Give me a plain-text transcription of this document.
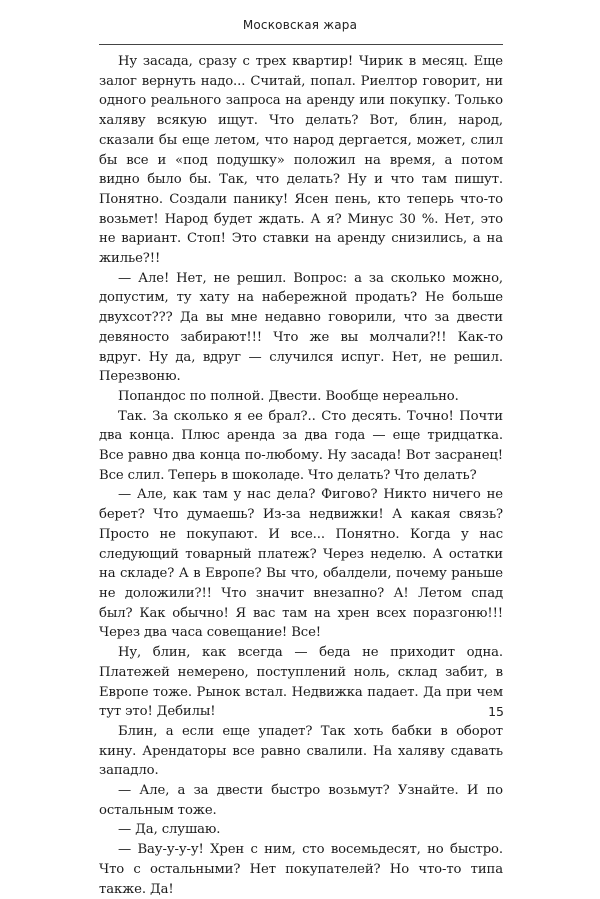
Московская жара

Ну засада, сразу с трех квартир! Чирик в месяц. Еще залог вернуть надо... Считай, попал. Риелтор говорит, ни одного реального запроса на аренду или покупку. Только халяву всякую ищут. Что делать? Вот, блин, народ, сказали бы еще летом, что народ дергается, может, слил бы все и «под подушку» положил на время, а потом видно было бы. Так, что делать? Ну и что там пишут. Понятно. Создали панику! Ясен пень, кто теперь что-то возьмет! Народ будет ждать. А я? Минус 30 %. Нет, это не вариант. Стоп! Это ставки на аренду снизились, а на жилье?!!

— Але! Нет, не решил. Вопрос: а за сколько можно, допустим, ту хату на набережной продать? Не больше двухсот??? Да вы мне недавно говорили, что за двести девяносто забирают!!! Что же вы молчали?!! Как-то вдруг. Ну да, вдруг — случился испуг. Нет, не решил. Перезвоню.

Попандос по полной. Двести. Вообще нереально.

Так. За сколько я ее брал?.. Сто десять. Точно! Почти два конца. Плюс аренда за два года — еще тридцатка. Все равно два конца по-любому. Ну засада! Вот засранец! Все слил. Теперь в шоколаде. Что делать? Что делать?

— Але, как там у нас дела? Фигово? Никто ничего не берет? Что думаешь? Из-за недвижки! А какая связь? Просто не покупают. И все... Понятно. Когда у нас следующий товарный платеж? Через неделю. А остатки на складе? А в Европе? Вы что, обалдели, почему раньше не доложили?!! Что значит внезапно? А! Летом спад был? Как обычно! Я вас там на хрен всех поразгоню!!! Через два часа совещание! Все!

Ну, блин, как всегда — беда не приходит одна. Платежей немерено, поступлений ноль, склад забит, в Европе тоже. Рынок встал. Недвижка падает. Да при чем тут это! Дебилы!

Блин, а если еще упадет? Так хоть бабки в оборот кину. Арендаторы все равно свалили. На халяву сдавать западло.

— Але, а за двести быстро возьмут? Узнайте. И по остальным тоже.

— Да, слушаю.

— Вау-у-у-у! Хрен с ним, сто восемьдесят, но быстро. Что с остальными? Нет покупателей? Но что-то типа также. Да!

15
